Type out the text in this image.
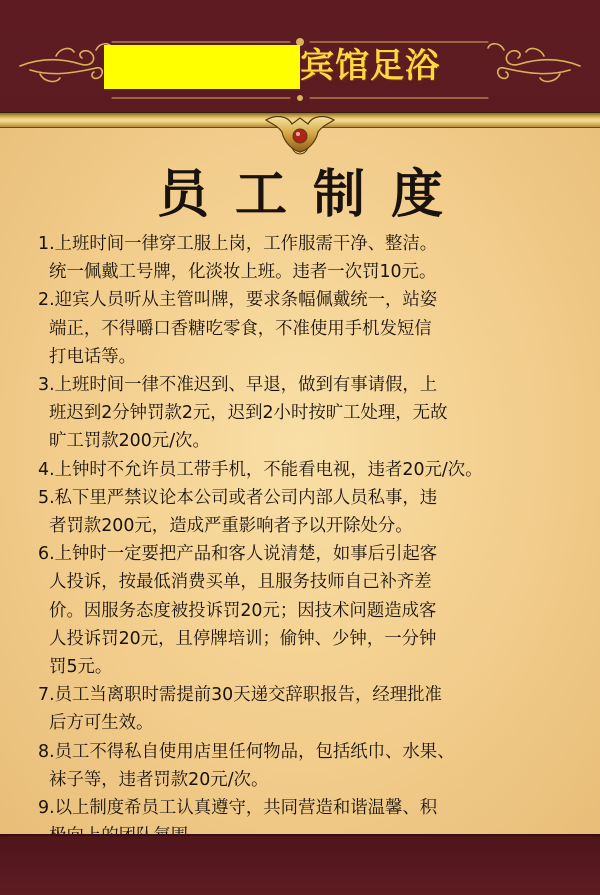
宾馆足浴
员工制度
1.上班时间一律穿工服上岗，工作服需干净、整洁。
统一佩戴工号牌，化淡妆上班。违者一次罚10元。
2.迎宾人员听从主管叫牌，要求条幅佩戴统一，站姿
端正，不得嚼口香糖吃零食，不准使用手机发短信
打电话等。
3.上班时间一律不准迟到、早退，做到有事请假，上
班迟到2分钟罚款2元，迟到2小时按旷工处理，无故
旷工罚款200元/次。
4.上钟时不允许员工带手机，不能看电视，违者20元/次。
5.私下里严禁议论本公司或者公司内部人员私事，违
者罚款200元，造成严重影响者予以开除处分。
6.上钟时一定要把产品和客人说清楚，如事后引起客
人投诉，按最低消费买单，且服务技师自己补齐差
价。因服务态度被投诉罚20元；因技术问题造成客
人投诉罚20元，且停牌培训；偷钟、少钟，一分钟
罚5元。
7.员工当离职时需提前30天递交辞职报告，经理批准
后方可生效。
8.员工不得私自使用店里任何物品，包括纸巾、水果、
袜子等，违者罚款20元/次。
9.以上制度希员工认真遵守，共同营造和谐温馨、积
